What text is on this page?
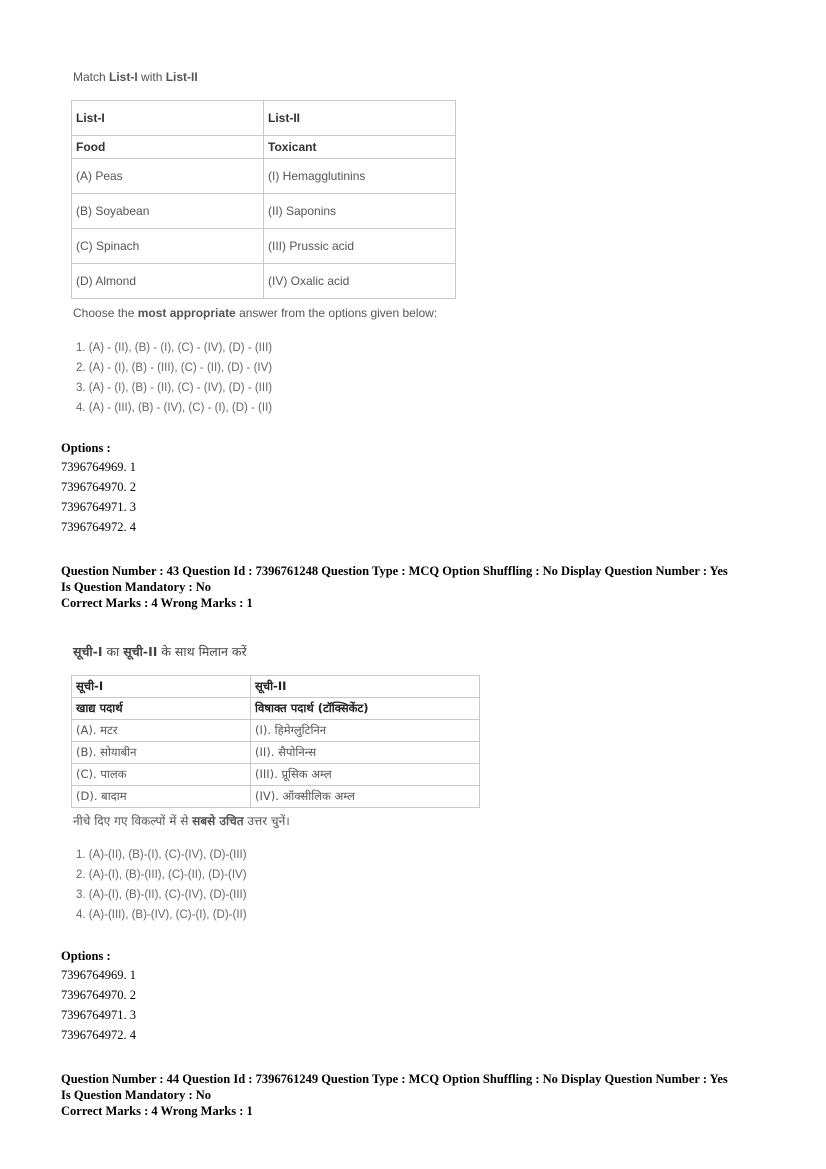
Match List-I with List-II
List-I	List-II
Food	Toxicant
(A) Peas	(I) Hemagglutinins
(B) Soyabean	(II) Saponins
(C) Spinach	(III) Prussic acid
(D) Almond	(IV) Oxalic acid
Choose the most appropriate answer from the options given below:
1. (A) - (II), (B) - (I), (C) - (IV), (D) - (III)
2. (A) - (I), (B) - (III), (C) - (II), (D) - (IV)
3. (A) - (I), (B) - (II), (C) - (IV), (D) - (III)
4. (A) - (III), (B) - (IV), (C) - (I), (D) - (II)
Options :
7396764969. 1
7396764970. 2
7396764971. 3
7396764972. 4
Question Number : 43 Question Id : 7396761248 Question Type : MCQ Option Shuffling : No Display Question Number : Yes
Is Question Mandatory : No
Correct Marks : 4 Wrong Marks : 1
सूची-I का सूची-II के साथ मिलान करें
सूची-I	सूची-II
खाद्य पदार्थ	विषाक्त पदार्थ (टॉक्सिकेंट)
(A). मटर	(I). हिमेग्लुटिनिन
(B). सोयाबीन	(II). सैपोनिन्स
(C). पालक	(III). प्रूसिक अम्ल
(D). बादाम	(IV). ऑक्सीलिक अम्ल
नीचे दिए गए विकल्पों में से सबसे उचित उत्तर चुनें।
1. (A)-(II), (B)-(I), (C)-(IV), (D)-(III)
2. (A)-(I), (B)-(III), (C)-(II), (D)-(IV)
3. (A)-(I), (B)-(II), (C)-(IV), (D)-(III)
4. (A)-(III), (B)-(IV), (C)-(I), (D)-(II)
Options :
7396764969. 1
7396764970. 2
7396764971. 3
7396764972. 4
Question Number : 44 Question Id : 7396761249 Question Type : MCQ Option Shuffling : No Display Question Number : Yes
Is Question Mandatory : No
Correct Marks : 4 Wrong Marks : 1
